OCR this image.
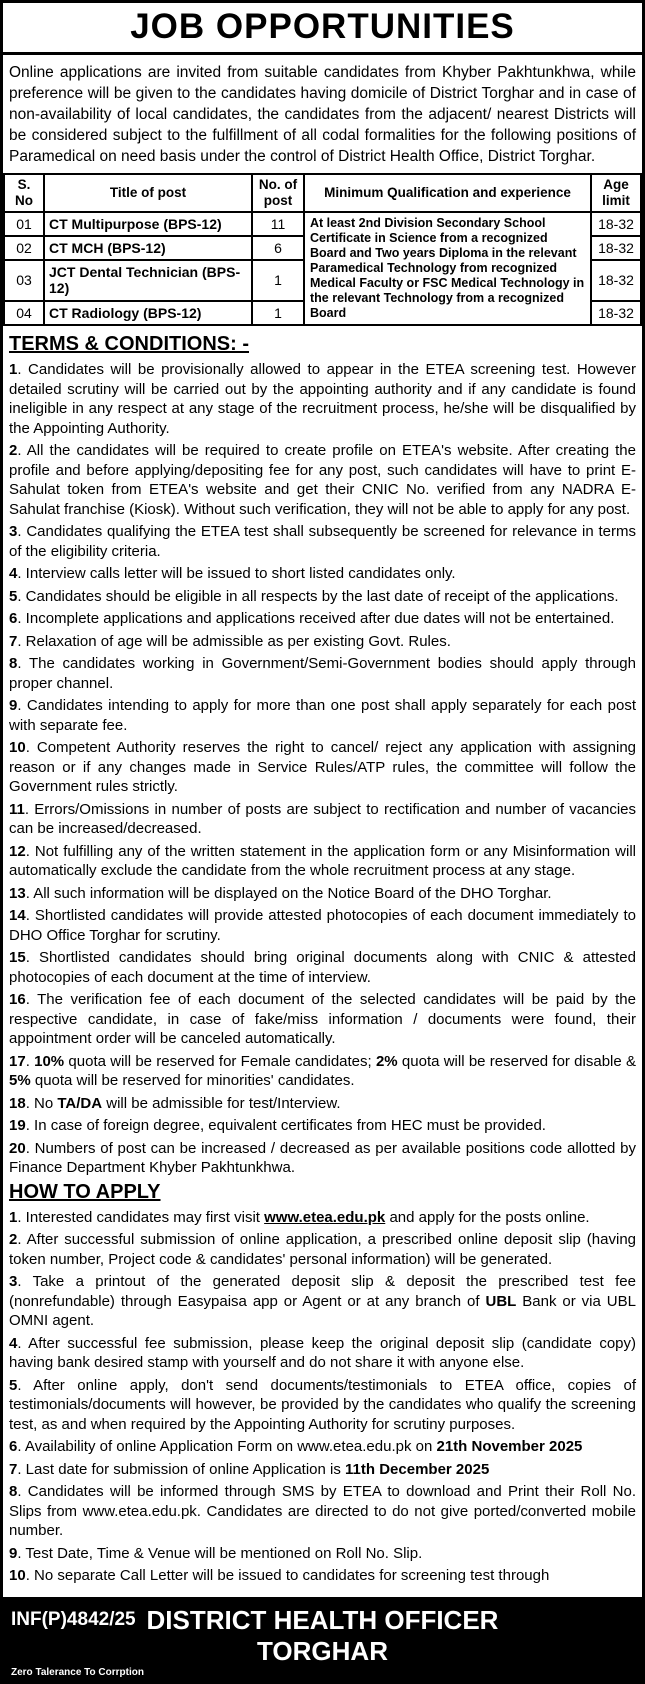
JOB OPPORTUNITIES
Online applications are invited from suitable candidates from Khyber Pakhtunkhwa, while preference will be given to the candidates having domicile of District Torghar and in case of non-availability of local candidates, the candidates from the adjacent/ nearest Districts will be considered subject to the fulfillment of all codal formalities for the following positions of Paramedical on need basis under the control of District Health Office, District Torghar.
S. No	Title of post	No. of post	Minimum Qualification and experience	Age limit
01	CT Multipurpose (BPS-12)	11	At least 2nd Division Secondary School Certificate in Science from a recognized Board and Two years Diploma in the relevant Paramedical Technology from recognized Medical Faculty or FSC Medical Technology in the relevant Technology from a recognized Board	18-32
02	CT MCH (BPS-12)	6		18-32
03	JCT Dental Technician (BPS-12)	1		18-32
04	CT Radiology (BPS-12)	1		18-32
TERMS & CONDITIONS: -

1. Candidates will be provisionally allowed to appear in the ETEA screening test. However detailed scrutiny will be carried out by the appointing authority and if any candidate is found ineligible in any respect at any stage of the recruitment process, he/she will be disqualified by the Appointing Authority.

2. All the candidates will be required to create profile on ETEA's website. After creating the profile and before applying/depositing fee for any post, such candidates will have to print E-Sahulat token from ETEA's website and get their CNIC No. verified from any NADRA E-Sahulat franchise (Kiosk). Without such verification, they will not be able to apply for any post.

3. Candidates qualifying the ETEA test shall subsequently be screened for relevance in terms of the eligibility criteria.

4. Interview calls letter will be issued to short listed candidates only.

5. Candidates should be eligible in all respects by the last date of receipt of the applications.

6. Incomplete applications and applications received after due dates will not be entertained.

7. Relaxation of age will be admissible as per existing Govt. Rules.

8. The candidates working in Government/Semi-Government bodies should apply through proper channel.

9. Candidates intending to apply for more than one post shall apply separately for each post with separate fee.

10. Competent Authority reserves the right to cancel/ reject any application with assigning reason or if any changes made in Service Rules/ATP rules, the committee will follow the Government rules strictly.

11. Errors/Omissions in number of posts are subject to rectification and number of vacancies can be increased/decreased.

12. Not fulfilling any of the written statement in the application form or any Misinformation will automatically exclude the candidate from the whole recruitment process at any stage.

13. All such information will be displayed on the Notice Board of the DHO Torghar.

14. Shortlisted candidates will provide attested photocopies of each document immediately to DHO Office Torghar for scrutiny.

15. Shortlisted candidates should bring original documents along with CNIC & attested photocopies of each document at the time of interview.

16. The verification fee of each document of the selected candidates will be paid by the respective candidate, in case of fake/miss information / documents were found, their appointment order will be canceled automatically.

17. 10% quota will be reserved for Female candidates; 2% quota will be reserved for disable & 5% quota will be reserved for minorities' candidates.

18. No TA/DA will be admissible for test/Interview.

19. In case of foreign degree, equivalent certificates from HEC must be provided.

20. Numbers of post can be increased / decreased as per available positions code allotted by Finance Department Khyber Pakhtunkhwa.

HOW TO APPLY

1. Interested candidates may first visit www.etea.edu.pk and apply for the posts online.

2. After successful submission of online application, a prescribed online deposit slip (having token number, Project code & candidates' personal information) will be generated.

3. Take a printout of the generated deposit slip & deposit the prescribed test fee (nonrefundable) through Easypaisa app or Agent or at any branch of UBL Bank or via UBL OMNI agent.

4. After successful fee submission, please keep the original deposit slip (candidate copy) having bank desired stamp with yourself and do not share it with anyone else.

5. After online apply, don't send documents/testimonials to ETEA office, copies of testimonials/documents will however, be provided by the candidates who qualify the screening test, as and when required by the Appointing Authority for scrutiny purposes.

6. Availability of online Application Form on www.etea.edu.pk on 21th November 2025

7. Last date for submission of online Application is 11th December 2025

8. Candidates will be informed through SMS by ETEA to download and Print their Roll No. Slips from www.etea.edu.pk. Candidates are directed to do not give ported/converted mobile number.

9. Test Date, Time & Venue will be mentioned on Roll No. Slip.

10. No separate Call Letter will be issued to candidates for screening test through

INF(P)4842/25 DISTRICT HEALTH OFFICER
TORGHAR
Zero Talerance To Corrption
